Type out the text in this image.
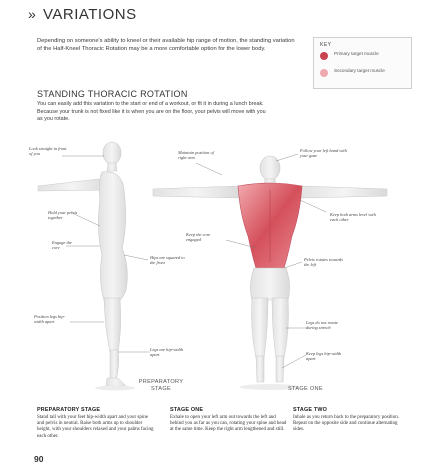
» VARIATIONS
Depending on someone's ability to kneel or their available hip range of motion, the standing variation of the Half-Kneel Thoracic Rotation may be a more comfortable option for the lower body.
KEY
Primary target muscle
Secondary target muscle
STANDING THORACIC ROTATION
You can easily add this variation to the start or end of a workout, or fit it in during a lunch break. Because your trunk is not fixed like it is when you are on the floor, your pelvis will move with you as you rotate.
Look straight in front of you
Hold your pelvis together
Engage the core
Position legs hip-width apart
Hips are squared to the front
Legs are hip-width apart
Maintain position of right arm
Keep the core engaged
Follow your left hand with your gaze
Keep both arms level with each other
Pelvis rotates towards the left
Legs do not rotate during stretch
Keep legs hip-width apart
PREPARATORY STAGE	STAGE ONE
PREPARATORY STAGE
Stand tall with your feet hip-width apart and your spine and pelvis in neutral. Raise both arms up to shoulder height, with your shoulders relaxed and your palms facing each other.
STAGE ONE
Exhale to open your left arm out towards the left and behind you as far as you can, rotating your spine and head at the same time. Keep the right arm lengthened and still.
STAGE TWO
Inhale as you return back to the preparatory position. Repeat on the opposite side and continue alternating sides.
90
